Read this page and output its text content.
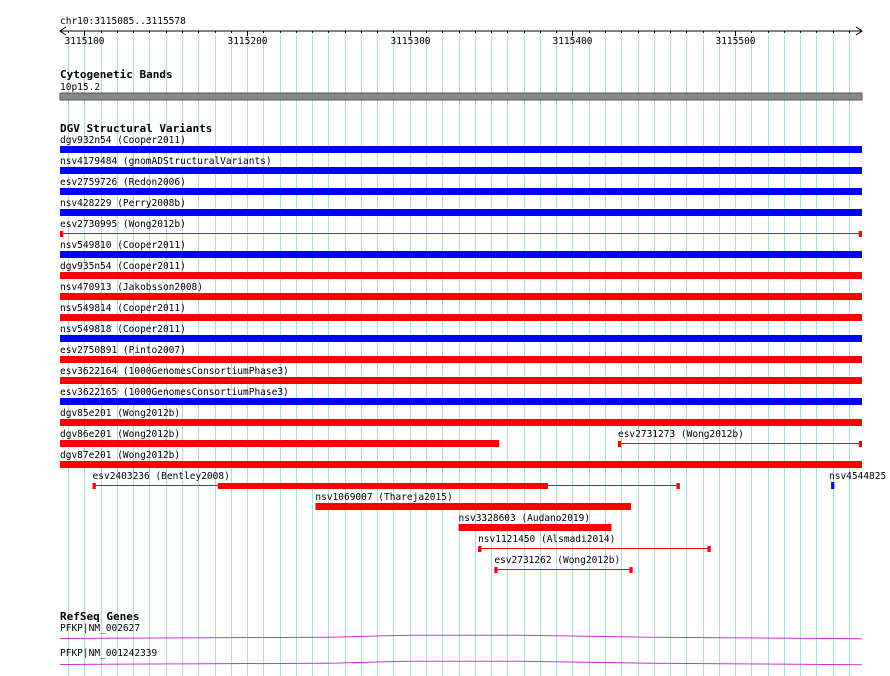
chr10:3115085..3115578
3115100	3115200	3115300	3115400	3115500
Cytogenetic Bands
10p15.2
DGV Structural Variants
dgv932n54 (Cooper2011)
nsv4179484 (gnomADStructuralVariants)
esv2759726 (Redon2006)
nsv428229 (Perry2008b)
esv2730995 (Wong2012b)
nsv549810 (Cooper2011)
dgv935n54 (Cooper2011)
nsv470913 (Jakobsson2008)
nsv549814 (Cooper2011)
nsv549818 (Cooper2011)
esv2750891 (Pinto2007)
esv3622164 (1000GenomesConsortiumPhase3)
esv3622165 (1000GenomesConsortiumPhase3)
dgv85e201 (Wong2012b)
dgv86e201 (Wong2012b)	esv2731273 (Wong2012b)
dgv87e201 (Wong2012b)
esv2403236 (Bentley2008)	nsv4544825
nsv1069007 (Thareja2015)
nsv3328603 (Audano2019)
nsv1121450 (Alsmadi2014)
esv2731262 (Wong2012b)
RefSeq Genes
PFKP|NM_002627
PFKP|NM_001242339
